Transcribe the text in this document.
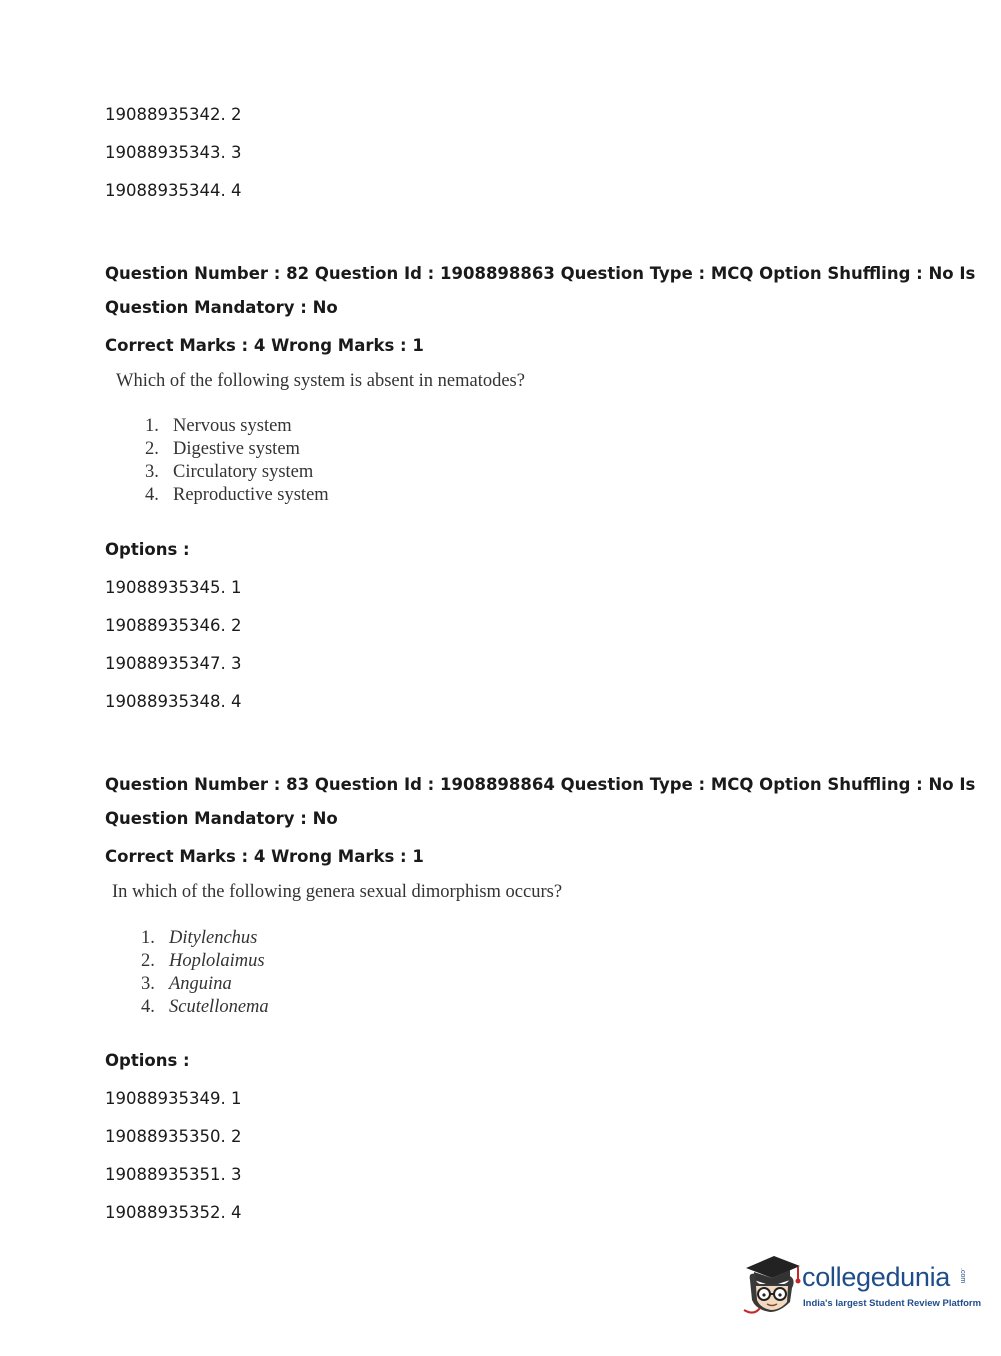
19088935342. 2
19088935343. 3
19088935344. 4
Question Number : 82 Question Id : 1908898863 Question Type : MCQ Option Shuffling : No Is
Question Mandatory : No
Correct Marks : 4 Wrong Marks : 1
Which of the following system is absent in nematodes?
1. Nervous system
2. Digestive system
3. Circulatory system
4. Reproductive system
Options :
19088935345. 1
19088935346. 2
19088935347. 3
19088935348. 4
Question Number : 83 Question Id : 1908898864 Question Type : MCQ Option Shuffling : No Is
Question Mandatory : No
Correct Marks : 4 Wrong Marks : 1
In which of the following genera sexual dimorphism occurs?
1. Ditylenchus
2. Hoplolaimus
3. Anguina
4. Scutellonema
Options :
19088935349. 1
19088935350. 2
19088935351. 3
19088935352. 4
collegedunia .com
India's largest Student Review Platform
